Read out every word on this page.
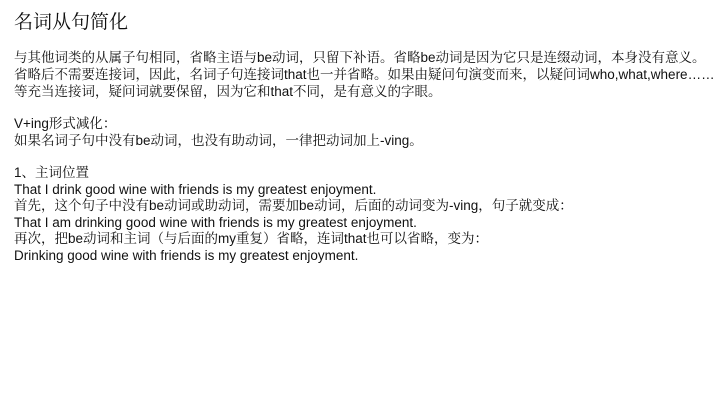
名词从句简化
与其他词类的从属子句相同，省略主语与be动词，只留下补语。省略be动词是因为它只是连缀动词，本身没有意义。
省略后不需要连接词，因此，名词子句连接词that也一并省略。如果由疑问句演变而来，以疑问词who,what,where……
等充当连接词，疑问词就要保留，因为它和that不同，是有意义的字眼。
V+ing形式减化：
如果名词子句中没有be动词，也没有助动词，一律把动词加上-ving。
1、主词位置
That I drink good wine with friends is my greatest enjoyment.
首先，这个句子中没有be动词或助动词，需要加be动词，后面的动词变为-ving，句子就变成：
That I am drinking good wine with friends is my greatest enjoyment.
再次，把be动词和主词（与后面的my重复）省略，连词that也可以省略，变为：
Drinking good wine with friends is my greatest enjoyment.
